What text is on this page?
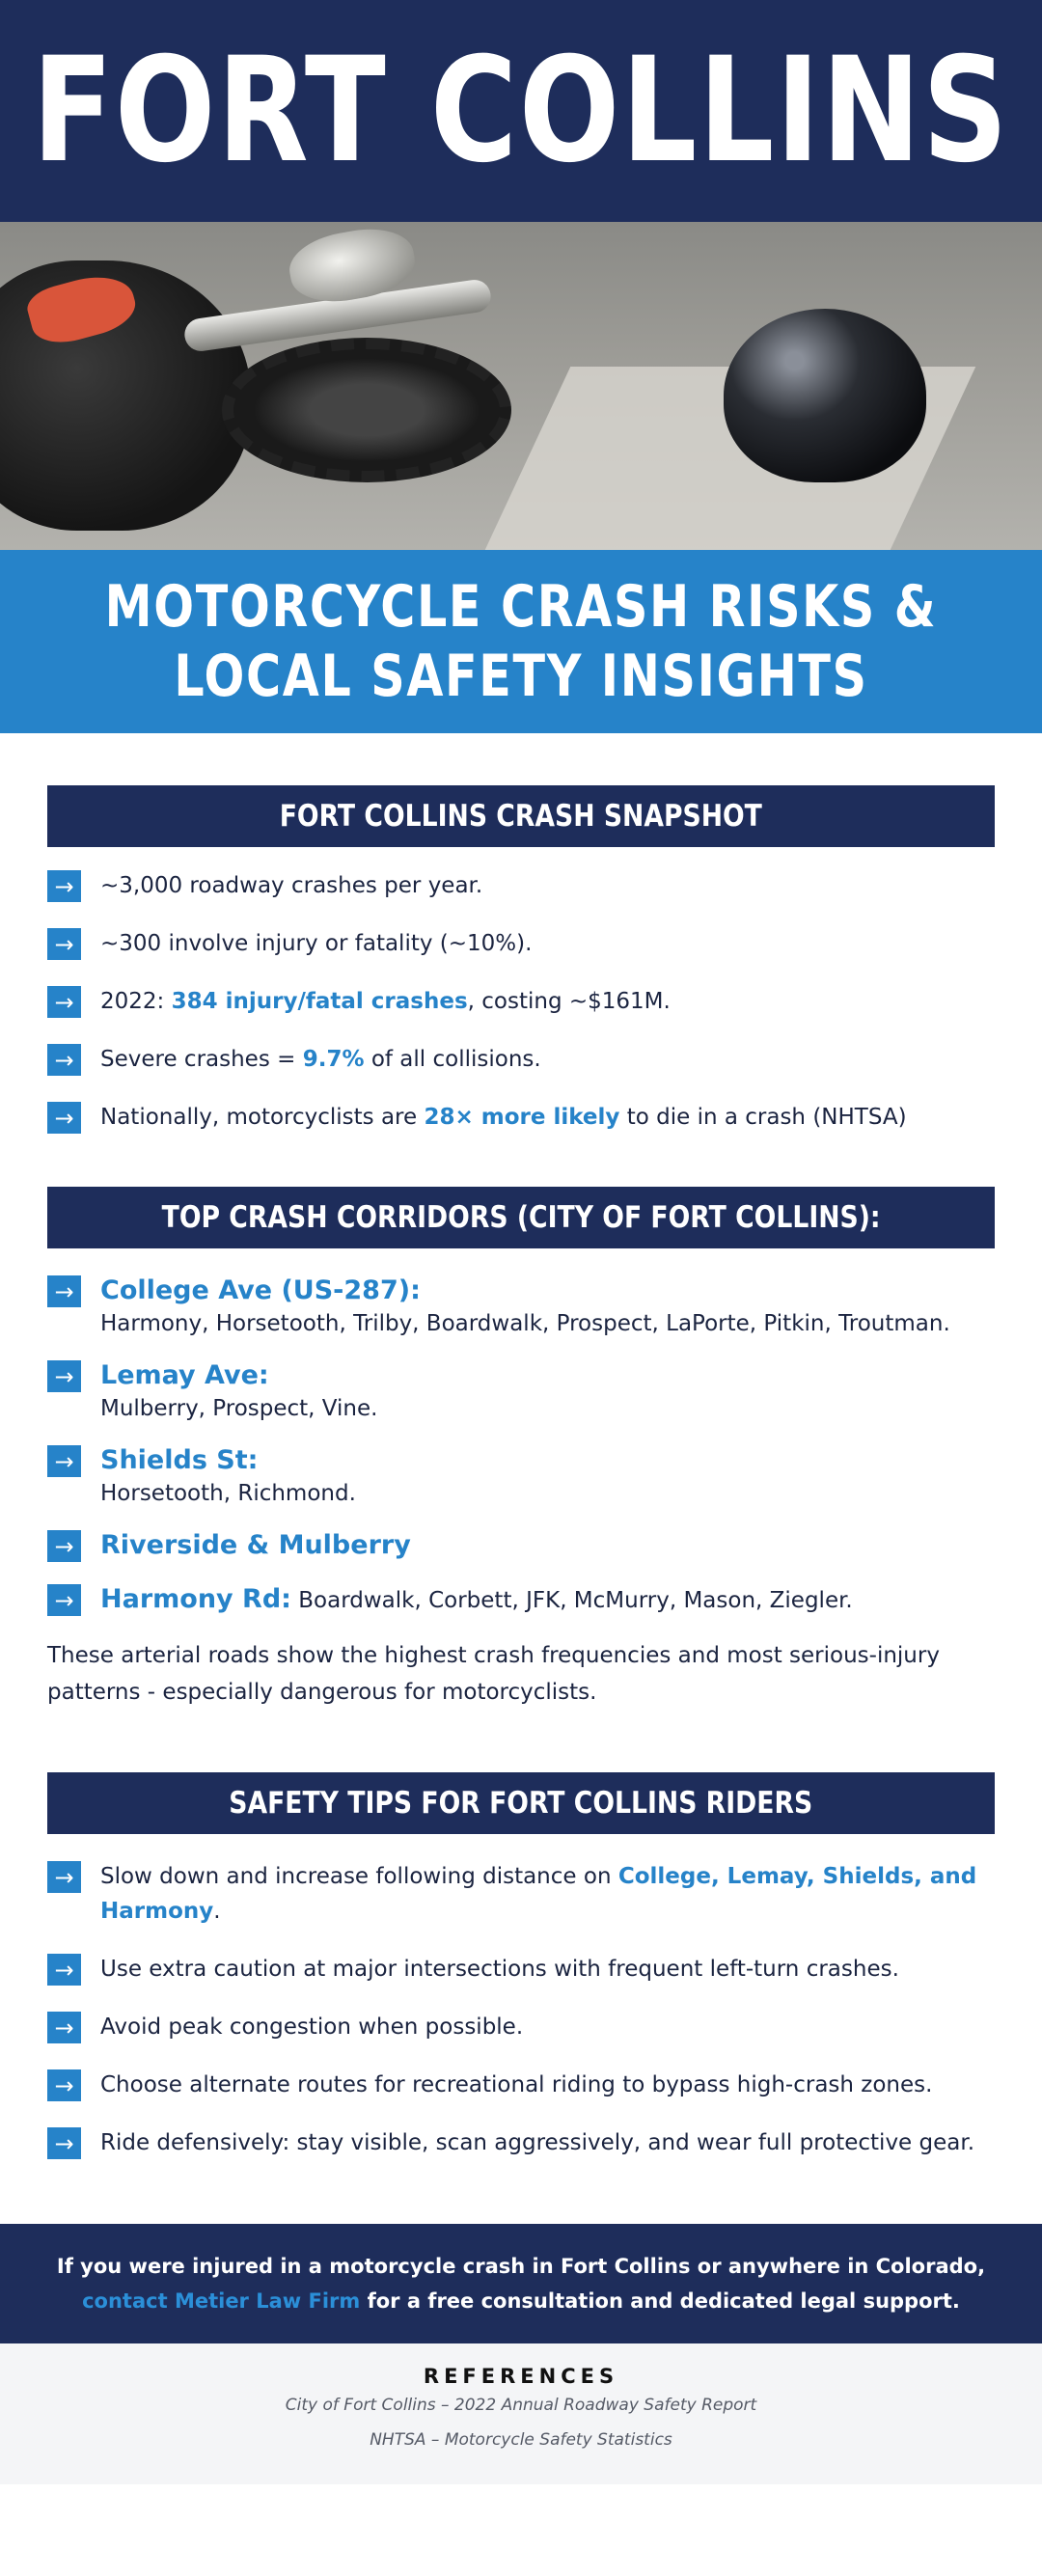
FORT COLLINS
MOTORCYCLE CRASH RISKS &
LOCAL SAFETY INSIGHTS
FORT COLLINS CRASH SNAPSHOT
→	~3,000 roadway crashes per year.
→	~300 involve injury or fatality (~10%).
→	2022: 384 injury/fatal crashes, costing ~$161M.
→	Severe crashes = 9.7% of all collisions.
→	Nationally, motorcyclists are 28× more likely to die in a crash (NHTSA)
TOP CRASH CORRIDORS (CITY OF FORT COLLINS):
→ College Ave (US-287):
Harmony, Horsetooth, Trilby, Boardwalk, Prospect, LaPorte, Pitkin, Troutman.
→ Lemay Ave:
Mulberry, Prospect, Vine.
→ Shields St:
Horsetooth, Richmond.
→ Riverside & Mulberry
→ Harmony Rd: Boardwalk, Corbett, JFK, McMurry, Mason, Ziegler.

These arterial roads show the highest crash frequencies and most serious-injury patterns - especially dangerous for motorcyclists.

SAFETY TIPS FOR FORT COLLINS RIDERS
→	Slow down and increase following distance on College, Lemay, Shields, and Harmony.
→	Use extra caution at major intersections with frequent left-turn crashes.
→	Avoid peak congestion when possible.
→	Choose alternate routes for recreational riding to bypass high-crash zones.
→	Ride defensively: stay visible, scan aggressively, and wear full protective gear.

If you were injured in a motorcycle crash in Fort Collins or anywhere in Colorado,
contact Metier Law Firm for a free consultation and dedicated legal support.

REFERENCES

City of Fort Collins – 2022 Annual Roadway Safety Report

NHTSA – Motorcycle Safety Statistics
